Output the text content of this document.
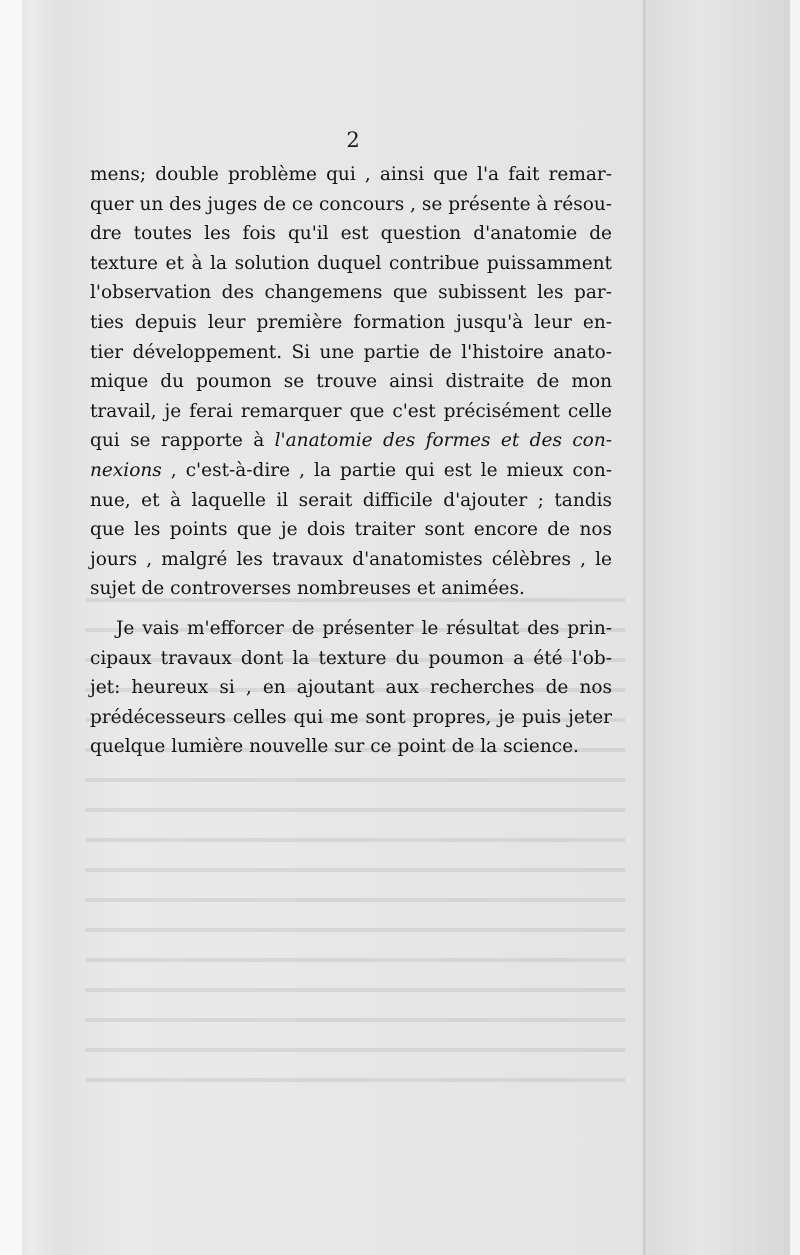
2

mens; double problème qui , ainsi que l'a fait remar-
quer un des juges de ce concours , se présente à résou-
dre toutes les fois qu'il est question d'anatomie de
texture et à la solution duquel contribue puissamment
l'observation des changemens que subissent les par-
ties depuis leur première formation jusqu'à leur en-
tier développement. Si une partie de l'histoire anato-
mique du poumon se trouve ainsi distraite de mon
travail, je ferai remarquer que c'est précisément celle
qui se rapporte à l'anatomie des formes et des con-
nexions , c'est-à-dire , la partie qui est le mieux con-
nue, et à laquelle il serait difficile d'ajouter ; tandis
que les points que je dois traiter sont encore de nos
jours , malgré les travaux d'anatomistes célèbres , le
sujet de controverses nombreuses et animées.

Je vais m'efforcer de présenter le résultat des prin-
cipaux travaux dont la texture du poumon a été l'ob-
jet: heureux si , en ajoutant aux recherches de nos
prédécesseurs celles qui me sont propres, je puis jeter
quelque lumière nouvelle sur ce point de la science.
